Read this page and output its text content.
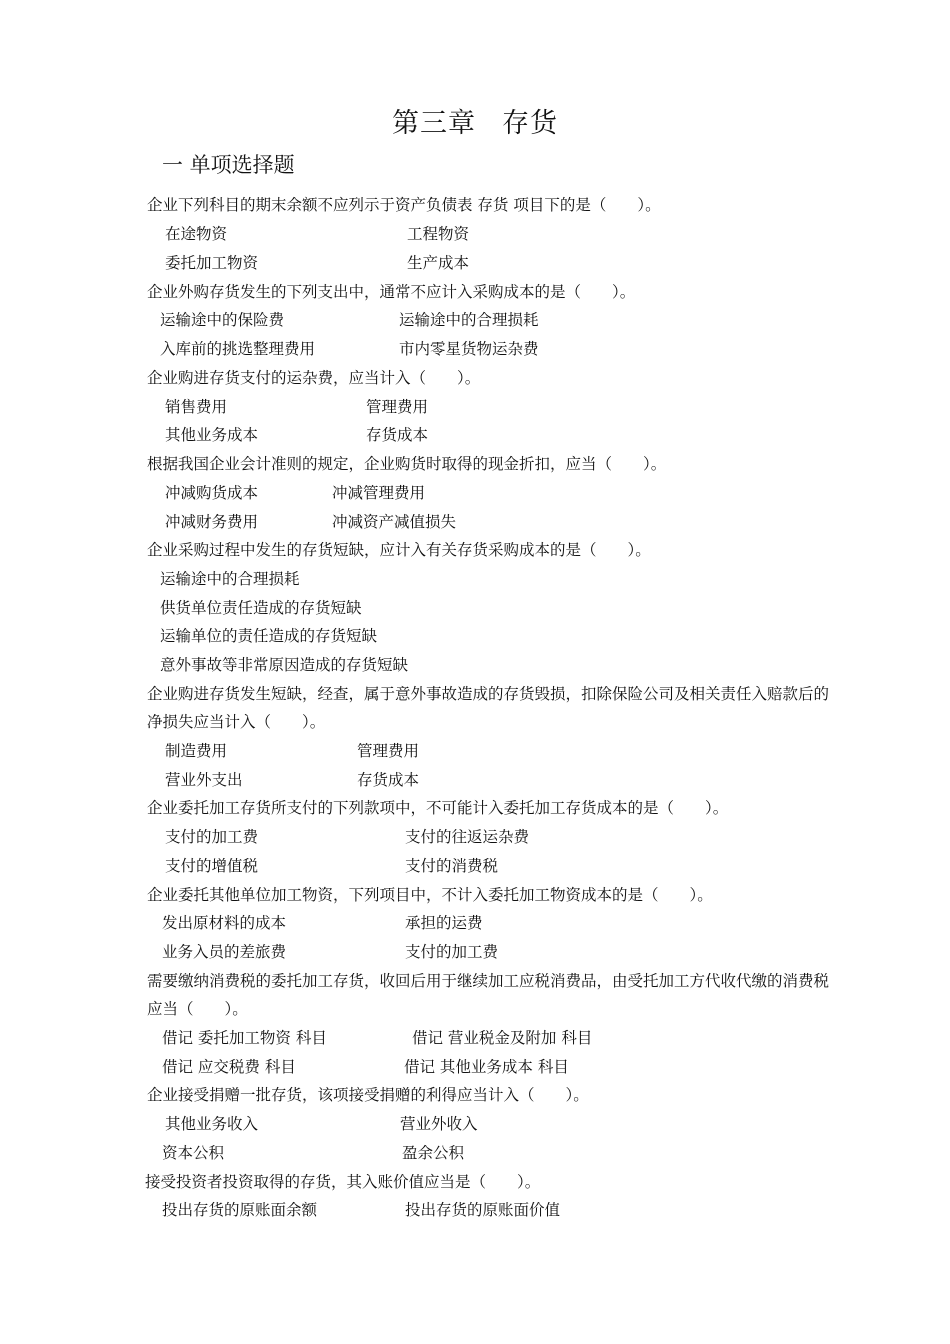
第三章 存货
一 单项选择题
企业下列科目的期末余额不应列示于资产负债表 存货 项目下的是（　　）。
在途物资	工程物资
委托加工物资	生产成本
企业外购存货发生的下列支出中，通常不应计入采购成本的是（　　）。
运输途中的保险费	运输途中的合理损耗
入库前的挑选整理费用	市内零星货物运杂费
企业购进存货支付的运杂费，应当计入（　　）。
销售费用	管理费用
其他业务成本	存货成本
根据我国企业会计准则的规定，企业购货时取得的现金折扣，应当（　　）。
冲减购货成本	冲减管理费用
冲减财务费用	冲减资产减值损失
企业采购过程中发生的存货短缺，应计入有关存货采购成本的是（　　）。
运输途中的合理损耗
供货单位责任造成的存货短缺
运输单位的责任造成的存货短缺
意外事故等非常原因造成的存货短缺
企业购进存货发生短缺，经查，属于意外事故造成的存货毁损，扣除保险公司及相关责任入赔款后的
净损失应当计入（　　）。
制造费用	管理费用
营业外支出	存货成本
企业委托加工存货所支付的下列款项中，不可能计入委托加工存货成本的是（　　）。
支付的加工费	支付的往返运杂费
支付的增值税	支付的消费税
企业委托其他单位加工物资，下列项目中，不计入委托加工物资成本的是（　　）。
发出原材料的成本	承担的运费
业务入员的差旅费	支付的加工费
需要缴纳消费税的委托加工存货，收回后用于继续加工应税消费品，由受托加工方代收代缴的消费税
应当（　　）。
借记 委托加工物资 科目	借记 营业税金及附加 科目
借记 应交税费 科目	借记 其他业务成本 科目
企业接受捐赠一批存货，该项接受捐赠的利得应当计入（　　）。
其他业务收入	营业外收入
资本公积	盈余公积
接受投资者投资取得的存货，其入账价值应当是（　　）。
投出存货的原账面余额	投出存货的原账面价值
